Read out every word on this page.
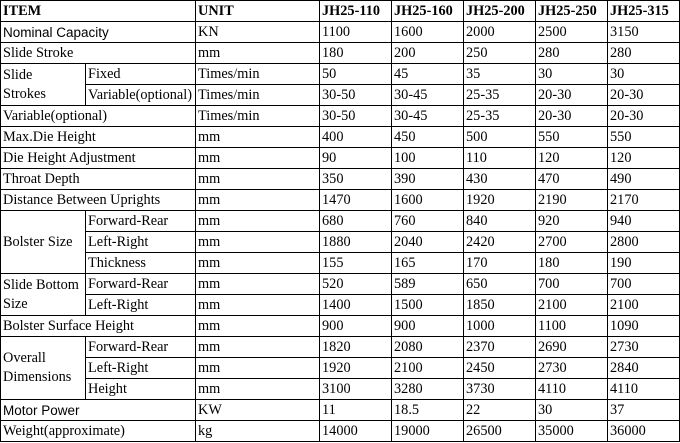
ITEM		UNIT	JH25-110	JH25-160	JH25-200	JH25-250	JH25-315
Nominal Capacity		KN	1100	1600	2000	2500	3150
Slide Stroke		mm	180	200	250	280	280

Slide
Strokes	Fixed	Times/min	50	45	35	30	30
	Variable(optional)	Times/min	30-50	30-45	25-35	20-30	20-30
Variable(optional)		Times/min	30-50	30-45	25-35	20-30	20-30
Max.Die Height		mm	400	450	500	550	550
Die Height Adjustment		mm	90	100	110	120	120
Throat Depth		mm	350	390	430	470	490
Distance Between Uprights		mm	1470	1600	1920	2190	2170
Bolster Size	Forward-Rear	mm	680	760	840	920	940
	Left-Right	mm	1880	2040	2420	2700	2800
	Thickness	mm	155	165	170	180	190

Slide Bottom
Size	Forward-Rear	mm	520	589	650	700	700
	Left-Right	mm	1400	1500	1850	2100	2100
Bolster Surface Height		mm	900	900	1000	1100	1090

Overall
Dimensions	Forward-Rear	mm	1820	2080	2370	2690	2730
	Left-Right	mm	1920	2100	2450	2730	2840
	Height	mm	3100	3280	3730	4110	4110
Motor Power		KW	11	18.5	22	30	37
Weight(approximate)		kg	14000	19000	26500	35000	36000
